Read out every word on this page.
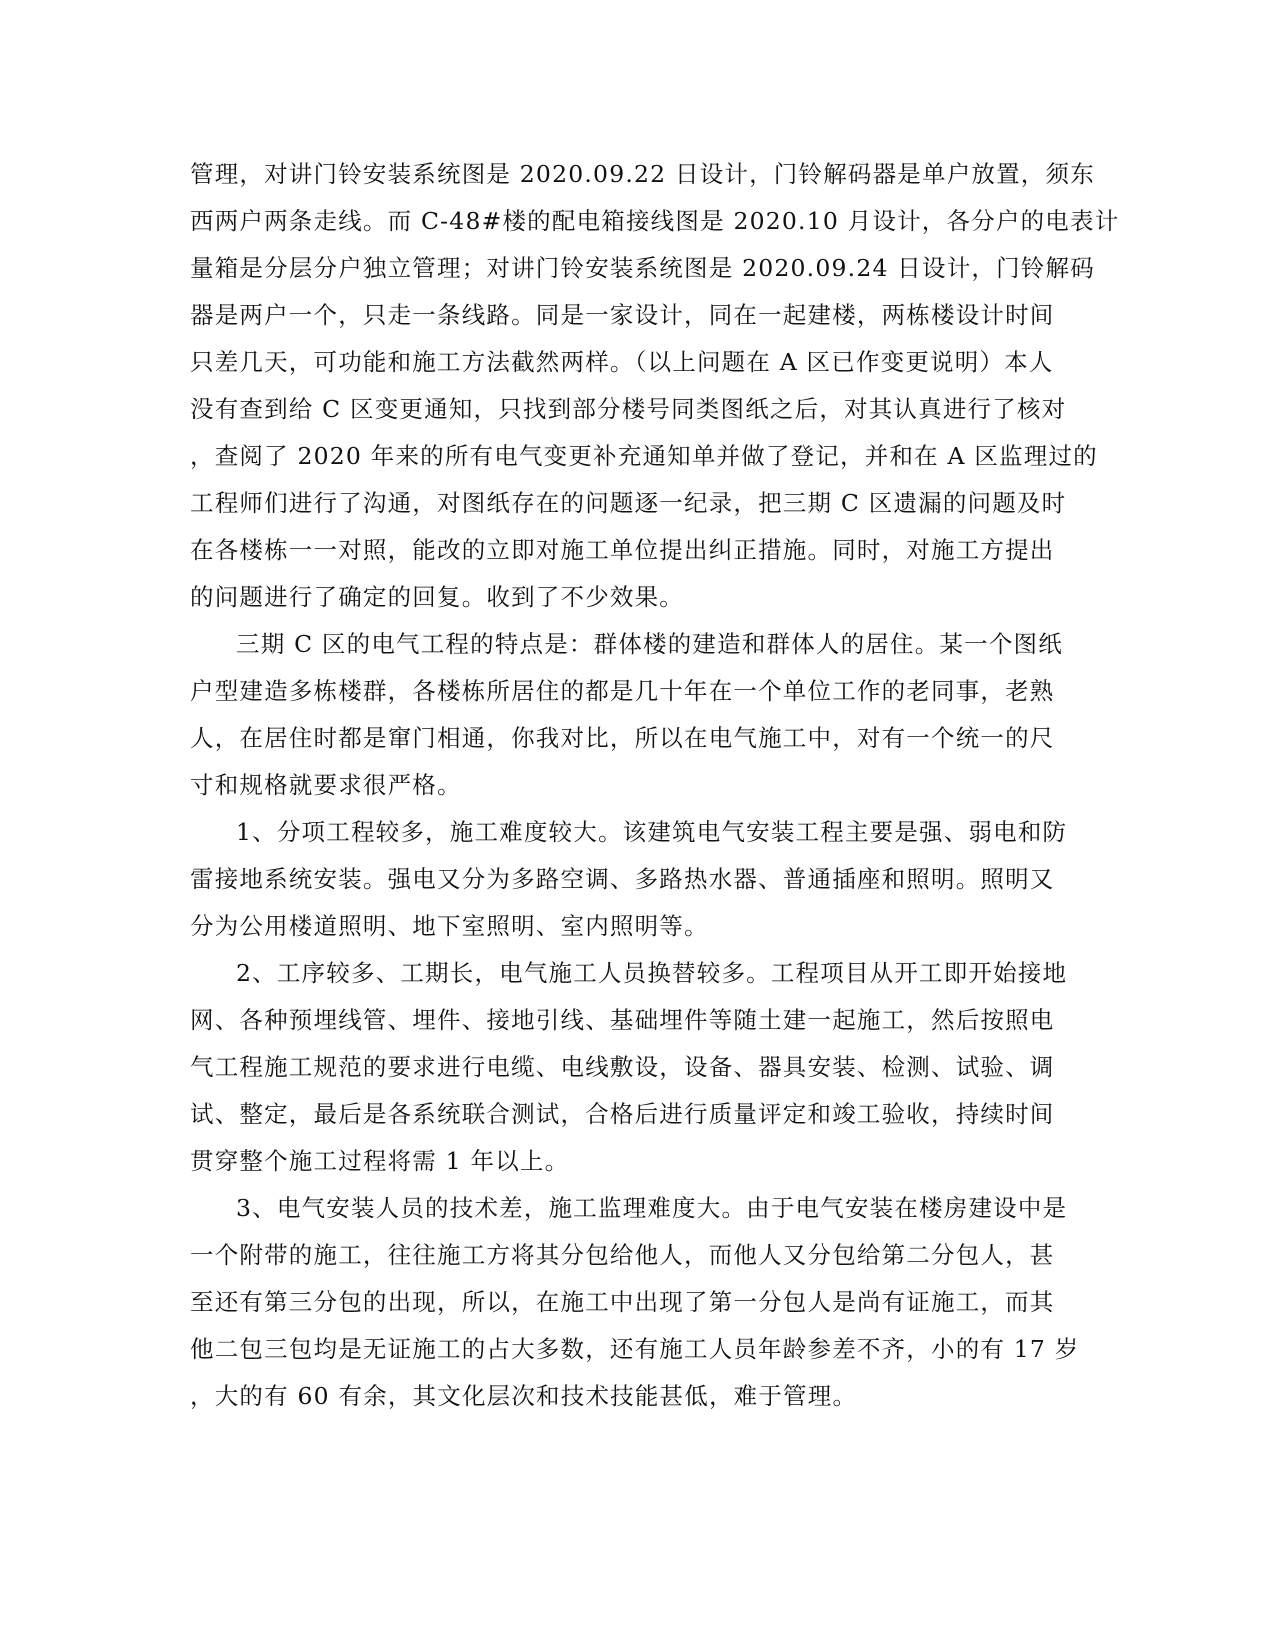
管理，对讲门铃安装系统图是 2020.09.22 日设计，门铃解码器是单户放置，须东
西两户两条走线。而 C-48#楼的配电箱接线图是 2020.10 月设计，各分户的电表计
量箱是分层分户独立管理；对讲门铃安装系统图是 2020.09.24 日设计，门铃解码
器是两户一个，只走一条线路。同是一家设计，同在一起建楼，两栋楼设计时间
只差几天，可功能和施工方法截然两样。（以上问题在 A 区已作变更说明）本人
没有查到给 C 区变更通知，只找到部分楼号同类图纸之后，对其认真进行了核对
，查阅了 2020 年来的所有电气变更补充通知单并做了登记，并和在 A 区监理过的
工程师们进行了沟通，对图纸存在的问题逐一纪录，把三期 C 区遗漏的问题及时
在各楼栋一一对照，能改的立即对施工单位提出纠正措施。同时，对施工方提出
的问题进行了确定的回复。收到了不少效果。
三期 C 区的电气工程的特点是：群体楼的建造和群体人的居住。某一个图纸
户型建造多栋楼群，各楼栋所居住的都是几十年在一个单位工作的老同事，老熟
人，在居住时都是窜门相通，你我对比，所以在电气施工中，对有一个统一的尺
寸和规格就要求很严格。
1、分项工程较多，施工难度较大。该建筑电气安装工程主要是强、弱电和防
雷接地系统安装。强电又分为多路空调、多路热水器、普通插座和照明。照明又
分为公用楼道照明、地下室照明、室内照明等。
2、工序较多、工期长，电气施工人员换替较多。工程项目从开工即开始接地
网、各种预埋线管、埋件、接地引线、基础埋件等随土建一起施工，然后按照电
气工程施工规范的要求进行电缆、电线敷设，设备、器具安装、检测、试验、调
试、整定，最后是各系统联合测试，合格后进行质量评定和竣工验收，持续时间
贯穿整个施工过程将需 1 年以上。
3、电气安装人员的技术差，施工监理难度大。由于电气安装在楼房建设中是
一个附带的施工，往往施工方将其分包给他人，而他人又分包给第二分包人，甚
至还有第三分包的出现，所以，在施工中出现了第一分包人是尚有证施工，而其
他二包三包均是无证施工的占大多数，还有施工人员年龄参差不齐，小的有 17 岁
，大的有 60 有余，其文化层次和技术技能甚低，难于管理。
